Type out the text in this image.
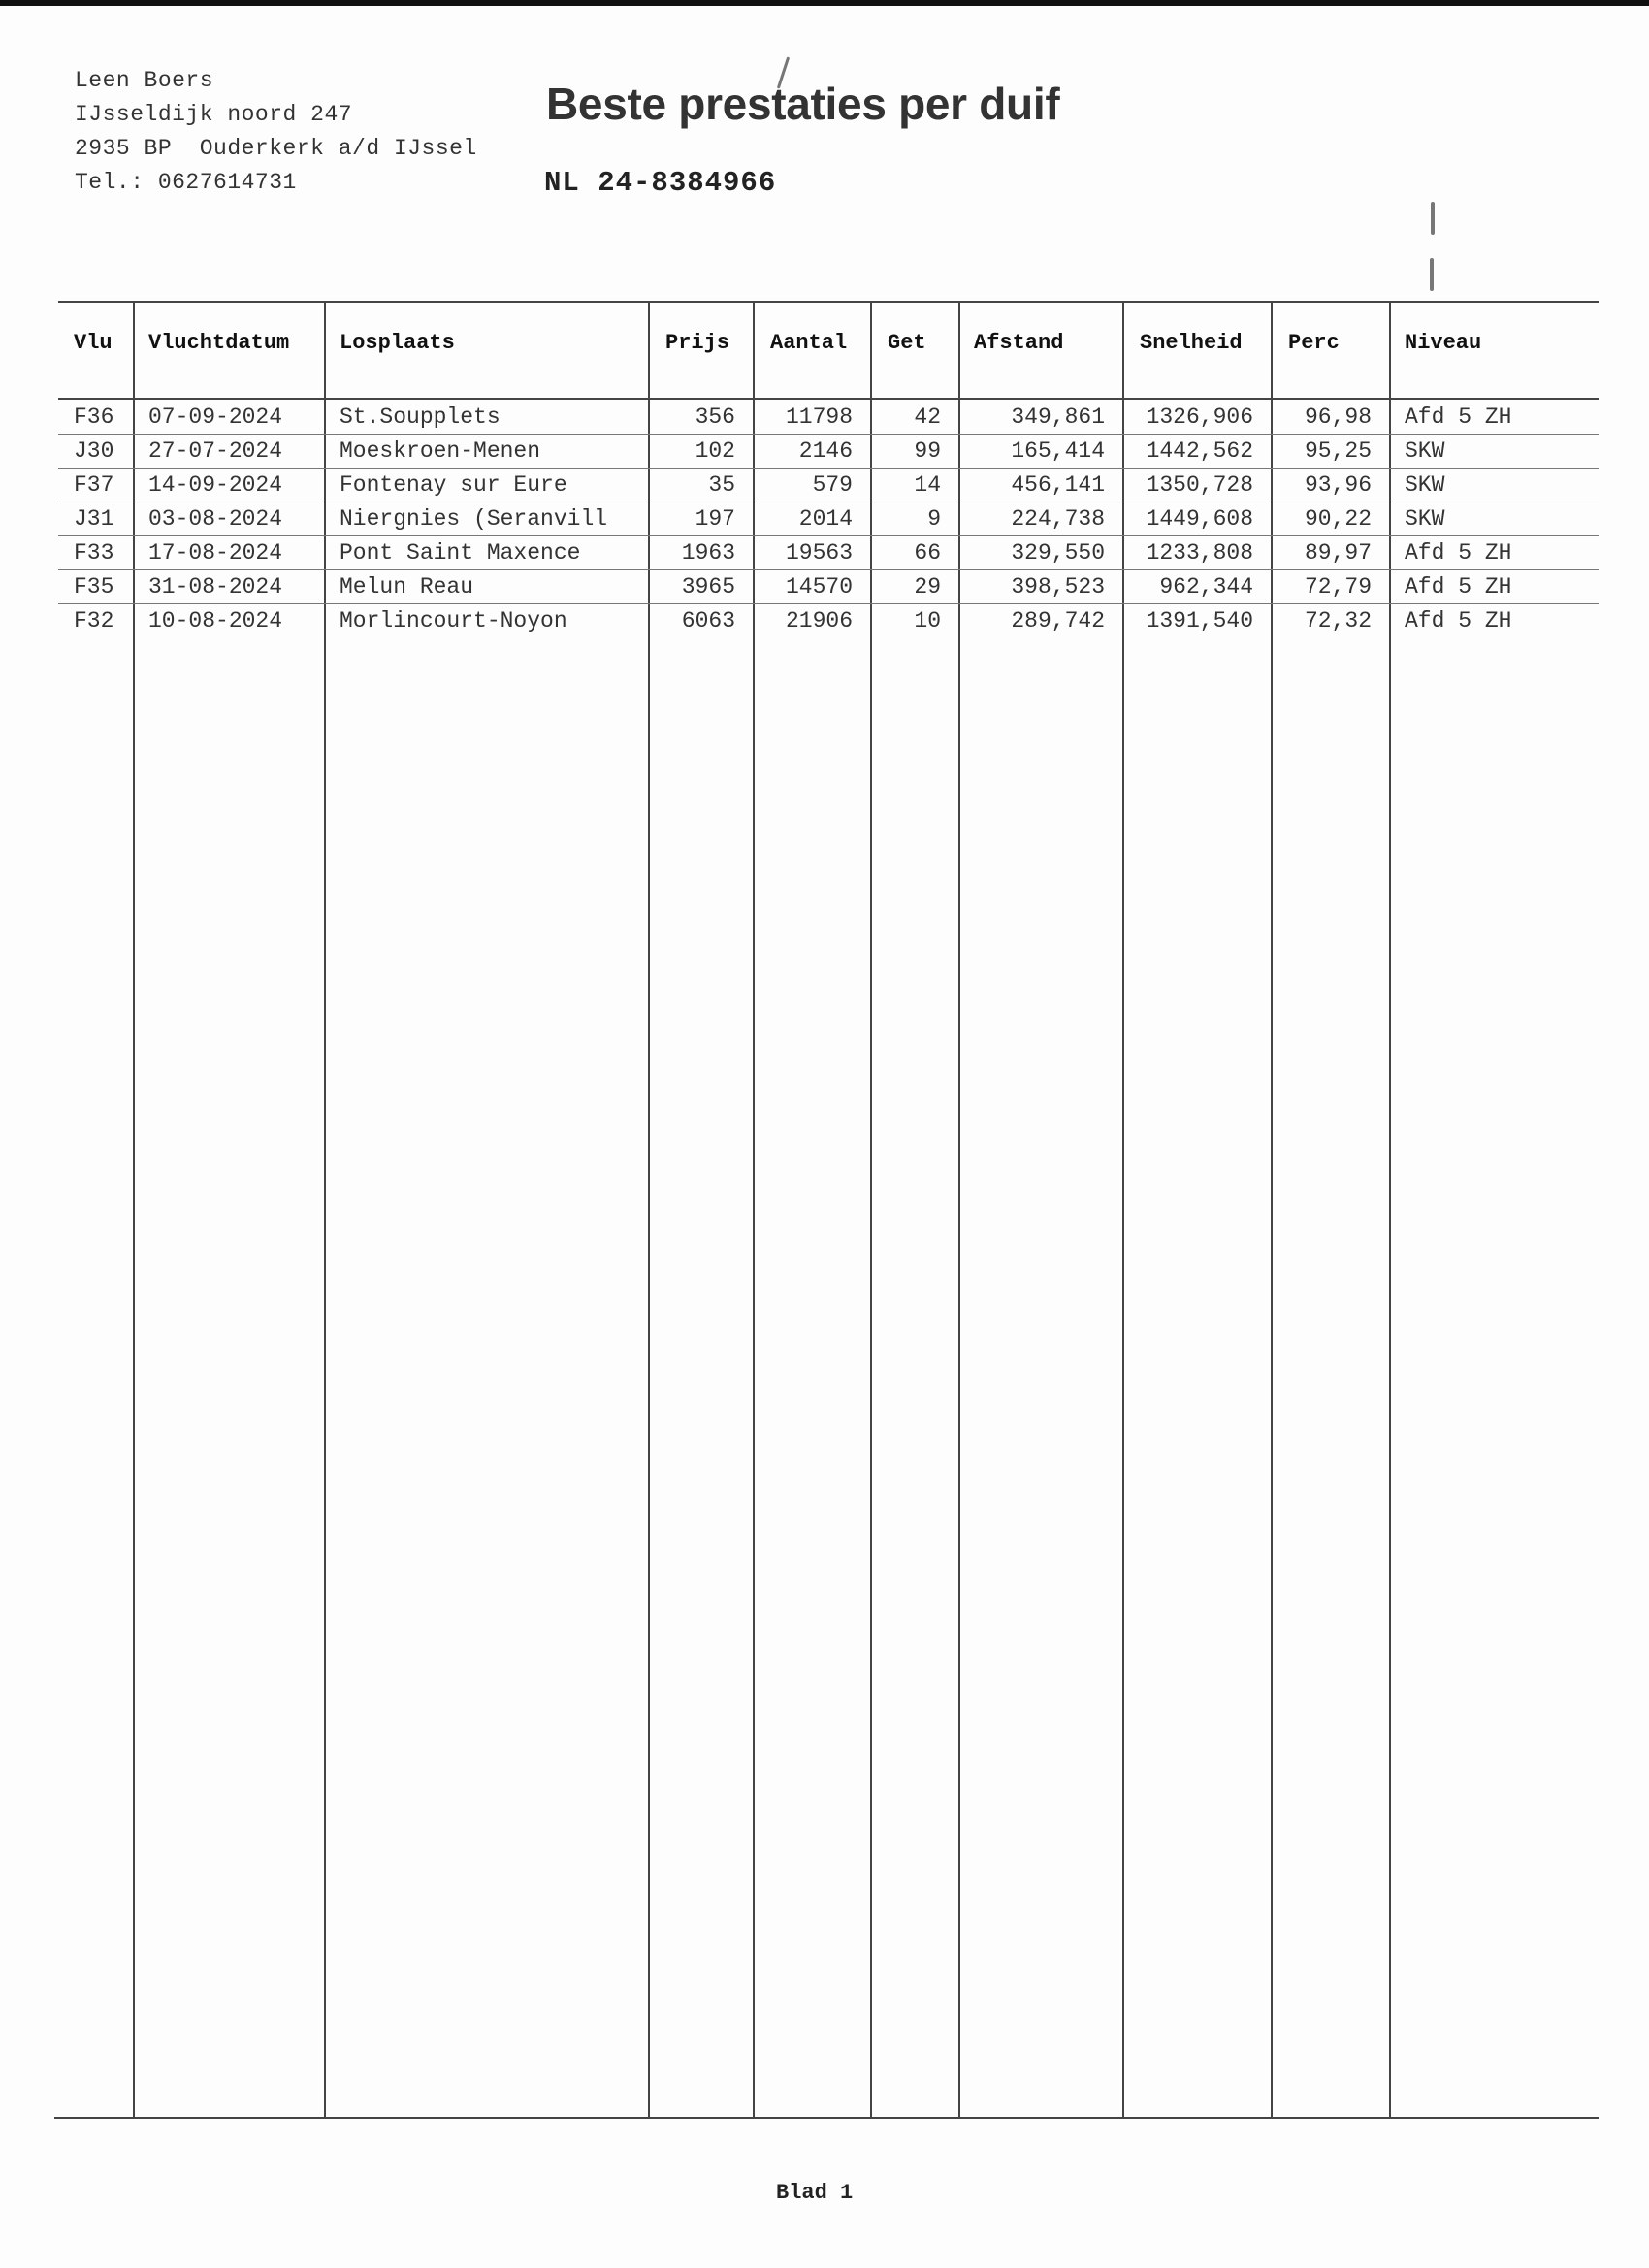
Leen Boers
IJsseldijk noord 247
2935 BP  Ouderkerk a/d IJssel
Tel.: 0627614731
Beste prestaties per duif
NL 24-8384966
Vlu Vluchtdatum Losplaats	Prijs Aantal Get Afstand	Snelheid Perc	Niveau
F36 07-09-2024	St.Soupplets	356	11798	42	349,861	1326,906	96,98 Afd 5 ZH
J30 27-07-2024	Moeskroen-Menen	102	2146	99	165,414	1442,562	95,25 SKW
F37 14-09-2024	Fontenay sur Eure	35	579	14	456,141	1350,728	93,96 SKW
J31 03-08-2024	Niergnies (Seranvill	197	2014	9	224,738	1449,608	90,22 SKW
F33 17-08-2024	Pont Saint Maxence	1963	19563	66	329,550	1233,808	89,97 Afd 5 ZH
F35 31-08-2024	Melun Reau	3965	14570	29	398,523	962,344	72,79 Afd 5 ZH
F32 10-08-2024	Morlincourt-Noyon	6063	21906	10	289,742	1391,540	72,32 Afd 5 ZH
Blad 1
